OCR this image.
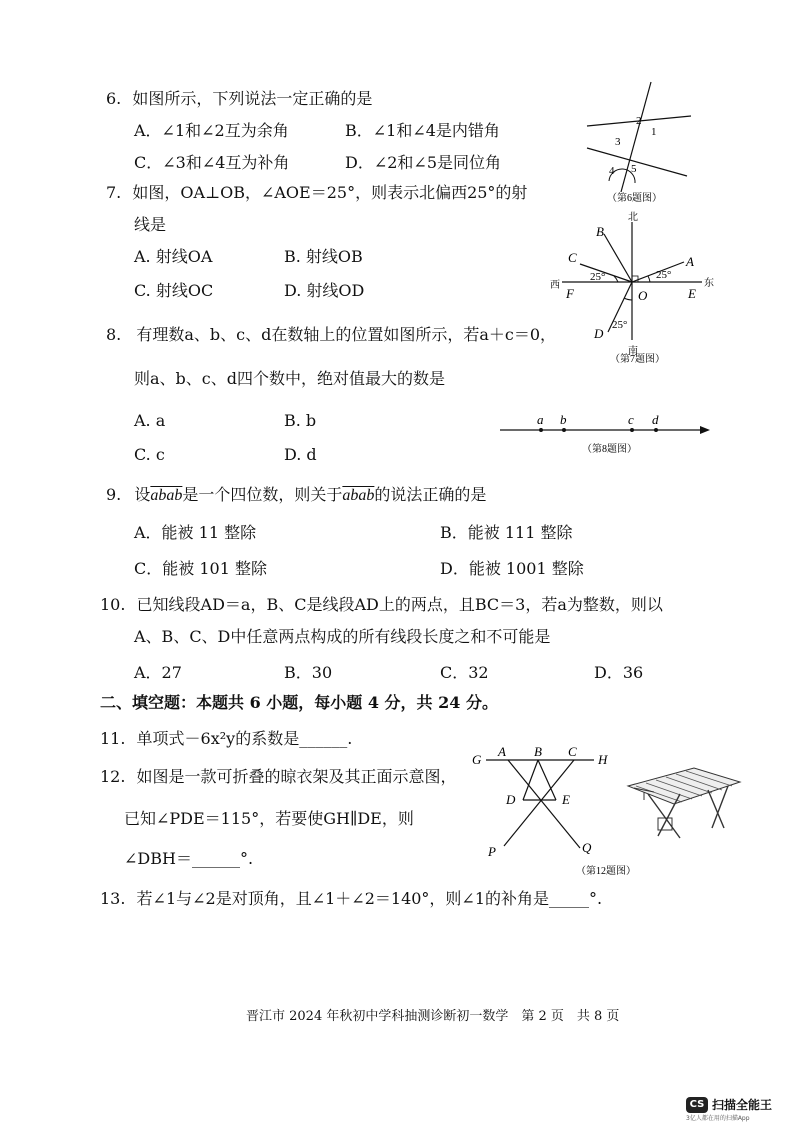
6. 如图所示，下列说法一定正确的是
A．∠1和∠2互为余角	B．∠1和∠4是内错角
C．∠3和∠4互为补角	D．∠2和∠5是同位角
2
1
3
4 5
（第6题图）
7. 如图，OA⊥OB，∠AOE＝25°，则表示北偏西25°的射
线是
A. 射线OA	B. 射线OB
C. 射线OC	D. 射线OD
北
南
西	东
B
C	A
F	E
O
D
25°	25°
25°
（第7题图）
8. 有理数a、b、c、d在数轴上的位置如图所示，若a＋c＝0，
则a、b、c、d四个数中，绝对值最大的数是
A. a	B. b
C. c	D. d
a b	c d
（第8题图）
9. 设abab是一个四位数，则关于abab的说法正确的是
A．能被 11 整除	B．能被 111 整除
C．能被 101 整除	D．能被 1001 整除
10. 已知线段AD＝a，B、C是线段AD上的两点，且BC＝3，若a为整数，则以
A、B、C、D中任意两点构成的所有线段长度之和不可能是
A．27	B．30	C．32	D．36
二、填空题：本题共 6 小题，每小题 4 分，共 24 分。
11. 单项式－6x²y的系数是______.
12. 如图是一款可折叠的晾衣架及其正面示意图，
已知∠PDE＝115°，若要使GH∥DE，则
∠DBH＝______°.
G
A B C
H
D	E
P	Q
（第12题图）
13. 若∠1与∠2是对顶角，且∠1＋∠2＝140°，则∠1的补角是_____°.
晋江市 2024 年秋初中学科抽测诊断初一数学　第 2 页　共 8 页
CS 扫描全能王
3亿人都在用的扫描App
